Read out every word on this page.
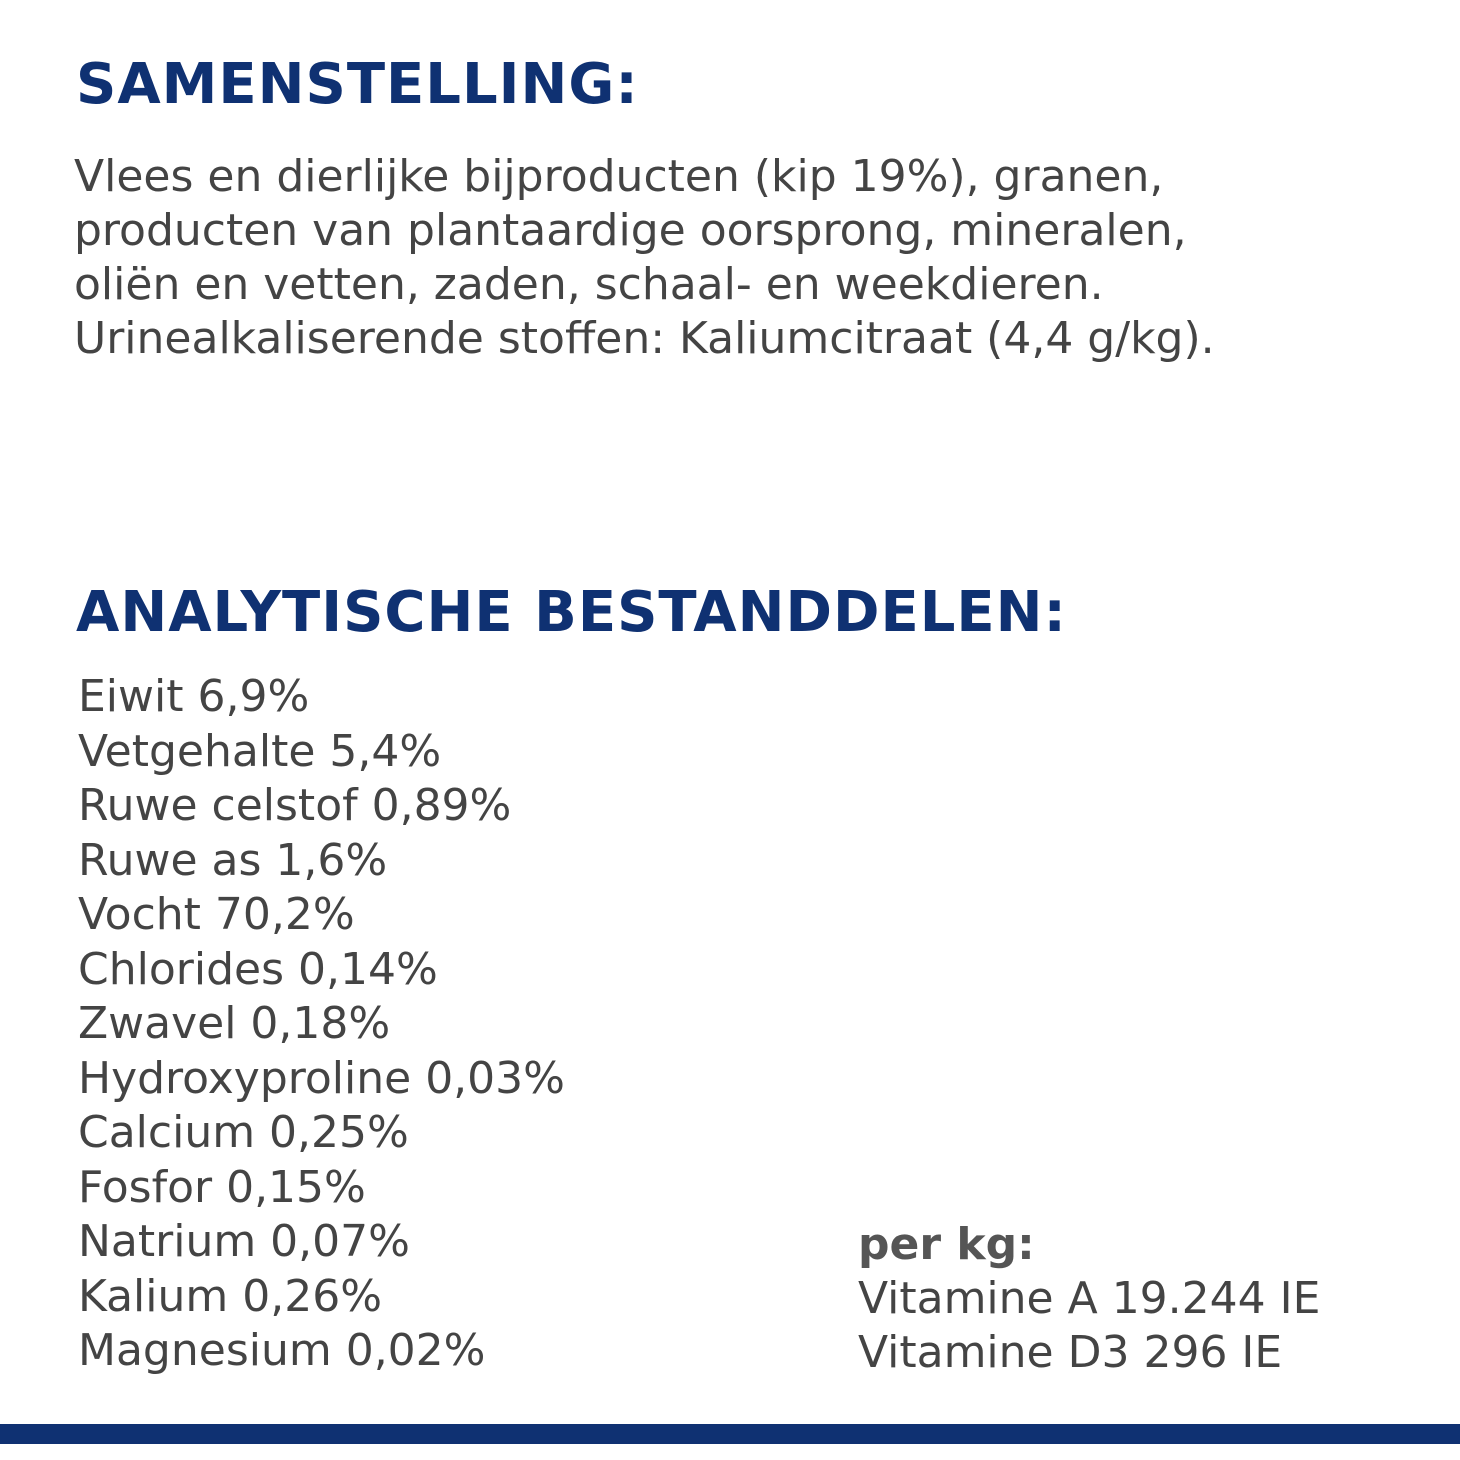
SAMENSTELLING:

Vlees en dierlijke bijproducten (kip 19%), granen,
producten van plantaardige oorsprong, mineralen,
oliën en vetten, zaden, schaal- en weekdieren.
Urinealkaliserende stoffen: Kaliumcitraat (4,4 g/kg).

ANALYTISCHE BESTANDDELEN:
Eiwit 6,9%
Vetgehalte 5,4%
Ruwe celstof 0,89%
Ruwe as 1,6%
Vocht 70,2%
Chlorides 0,14%
Zwavel 0,18%
Hydroxyproline 0,03%
Calcium 0,25%
Fosfor 0,15%
Natrium 0,07%
Kalium 0,26%
Magnesium 0,02%
per kg:
Vitamine A 19.244 IE
Vitamine D3 296 IE
